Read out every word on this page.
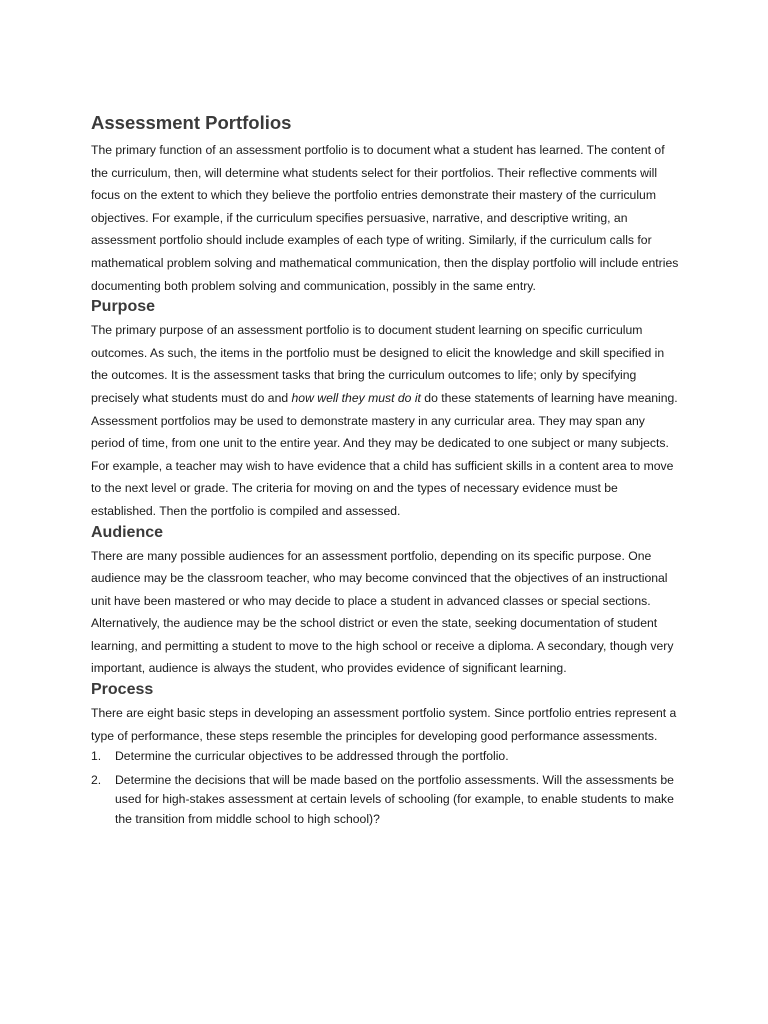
Assessment Portfolios

The primary function of an assessment portfolio is to document what a student has learned. The content of the curriculum, then, will determine what students select for their portfolios. Their reflective comments will focus on the extent to which they believe the portfolio entries demonstrate their mastery of the curriculum objectives. For example, if the curriculum specifies persuasive, narrative, and descriptive writing, an assessment portfolio should include examples of each type of writing. Similarly, if the curriculum calls for mathematical problem solving and mathematical communication, then the display portfolio will include entries documenting both problem solving and communication, possibly in the same entry.

Purpose

The primary purpose of an assessment portfolio is to document student learning on specific curriculum outcomes. As such, the items in the portfolio must be designed to elicit the knowledge and skill specified in the outcomes. It is the assessment tasks that bring the curriculum outcomes to life; only by specifying precisely what students must do and how well they must do it do these statements of learning have meaning.

Assessment portfolios may be used to demonstrate mastery in any curricular area. They may span any period of time, from one unit to the entire year. And they may be dedicated to one subject or many subjects. For example, a teacher may wish to have evidence that a child has sufficient skills in a content area to move to the next level or grade. The criteria for moving on and the types of necessary evidence must be established. Then the portfolio is compiled and assessed.

Audience

There are many possible audiences for an assessment portfolio, depending on its specific purpose. One audience may be the classroom teacher, who may become convinced that the objectives of an instructional unit have been mastered or who may decide to place a student in advanced classes or special sections. Alternatively, the audience may be the school district or even the state, seeking documentation of student learning, and permitting a student to move to the high school or receive a diploma. A secondary, though very important, audience is always the student, who provides evidence of significant learning.

Process

There are eight basic steps in developing an assessment portfolio system. Since portfolio entries represent a type of performance, these steps resemble the principles for developing good performance assessments.

1. Determine the curricular objectives to be addressed through the portfolio.
2. Determine the decisions that will be made based on the portfolio assessments. Will the assessments be used for high-stakes assessment at certain levels of schooling (for example, to enable students to make the transition from middle school to high school)?
